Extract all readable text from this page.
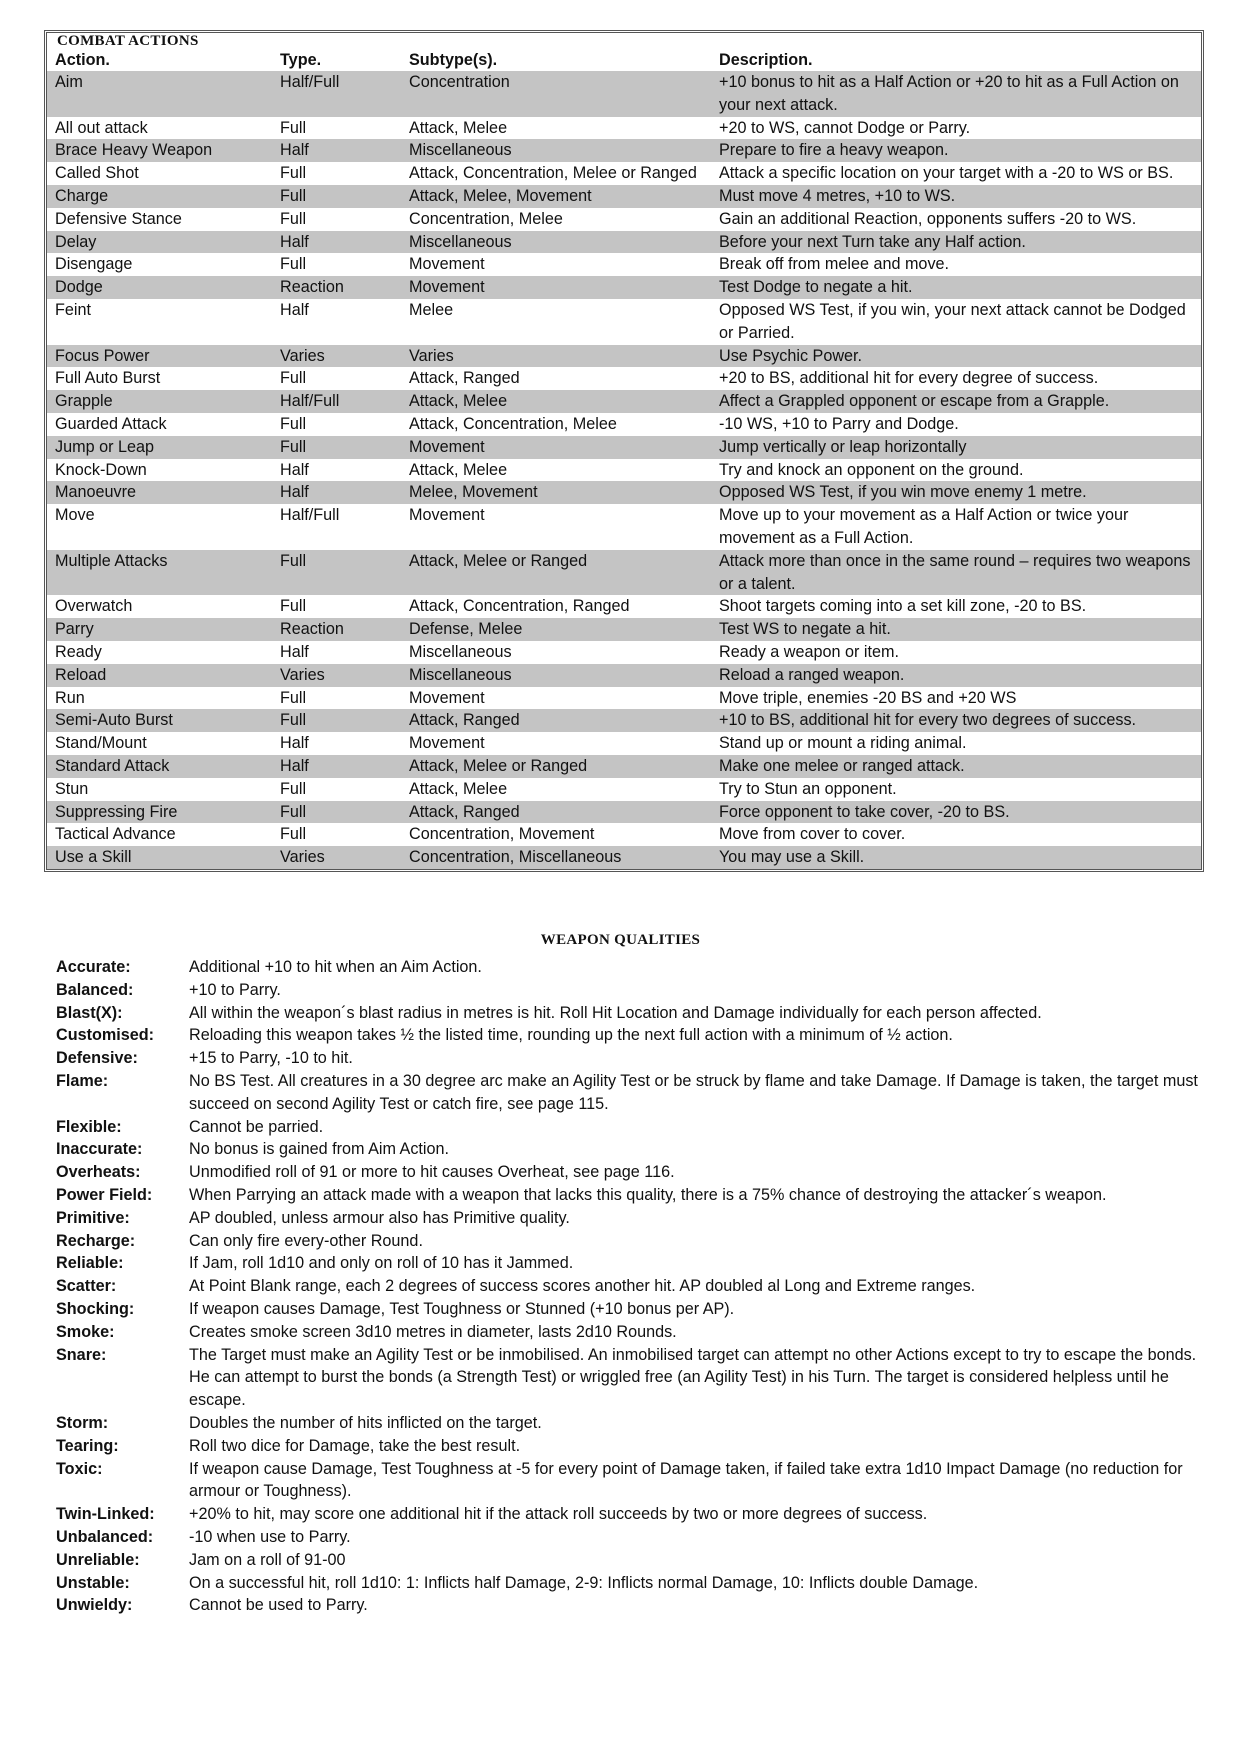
COMBAT ACTIONS
Action.	Type.	Subtype(s).	Description.
Aim	Half/Full	Concentration	+10 bonus to hit as a Half Action or +20 to hit as a Full Action on your next attack.
All out attack	Full	Attack, Melee	+20 to WS, cannot Dodge or Parry.
Brace Heavy Weapon	Half	Miscellaneous	Prepare to fire a heavy weapon.
Called Shot	Full	Attack, Concentration, Melee or Ranged	Attack a specific location on your target with a -20 to WS or BS.
Charge	Full	Attack, Melee, Movement	Must move 4 metres, +10 to WS.
Defensive Stance	Full	Concentration, Melee	Gain an additional Reaction, opponents suffers -20 to WS.
Delay	Half	Miscellaneous	Before your next Turn take any Half action.
Disengage	Full	Movement	Break off from melee and move.
Dodge	Reaction	Movement	Test Dodge to negate a hit.
Feint	Half	Melee	Opposed WS Test, if you win, your next attack cannot be Dodged or Parried.
Focus Power	Varies	Varies	Use Psychic Power.
Full Auto Burst	Full	Attack, Ranged	+20 to BS, additional hit for every degree of success.
Grapple	Half/Full	Attack, Melee	Affect a Grappled opponent or escape from a Grapple.
Guarded Attack	Full	Attack, Concentration, Melee	-10 WS, +10 to Parry and Dodge.
Jump or Leap	Full	Movement	Jump vertically or leap horizontally
Knock-Down	Half	Attack, Melee	Try and knock an opponent on the ground.
Manoeuvre	Half	Melee, Movement	Opposed WS Test, if you win move enemy 1 metre.
Move	Half/Full	Movement	Move up to your movement as a Half Action or twice your movement as a Full Action.
Multiple Attacks	Full	Attack, Melee or Ranged	Attack more than once in the same round – requires two weapons or a talent.
Overwatch	Full	Attack, Concentration, Ranged	Shoot targets coming into a set kill zone, -20 to BS.
Parry	Reaction	Defense, Melee	Test WS to negate a hit.
Ready	Half	Miscellaneous	Ready a weapon or item.
Reload	Varies	Miscellaneous	Reload a ranged weapon.
Run	Full	Movement	Move triple, enemies -20 BS and +20 WS
Semi-Auto Burst	Full	Attack, Ranged	+10 to BS, additional hit for every two degrees of success.
Stand/Mount	Half	Movement	Stand up or mount a riding animal.
Standard Attack	Half	Attack, Melee or Ranged	Make one melee or ranged attack.
Stun	Full	Attack, Melee	Try to Stun an opponent.
Suppressing Fire	Full	Attack, Ranged	Force opponent to take cover, -20 to BS.
Tactical Advance	Full	Concentration, Movement	Move from cover to cover.
Use a Skill	Varies	Concentration, Miscellaneous	You may use a Skill.
WEAPON QUALITIES
Accurate:	Additional +10 to hit when an Aim Action.
Balanced:	+10 to Parry.
Blast(X):	All within the weapon´s blast radius in metres is hit. Roll Hit Location and Damage individually for each person affected.
Customised:	Reloading this weapon takes ½ the listed time, rounding up the next full action with a minimum of ½ action.
Defensive:	+15 to Parry, -10 to hit.
Flame:	No BS Test. All creatures in a 30 degree arc make an Agility Test or be struck by flame and take Damage. If Damage is taken, the target must succeed on second Agility Test or catch fire, see page 115.
Flexible:	Cannot be parried.
Inaccurate:	No bonus is gained from Aim Action.
Overheats:	Unmodified roll of 91 or more to hit causes Overheat, see page 116.
Power Field:	When Parrying an attack made with a weapon that lacks this quality, there is a 75% chance of destroying the attacker´s weapon.
Primitive:	AP doubled, unless armour also has Primitive quality.
Recharge:	Can only fire every-other Round.
Reliable:	If Jam, roll 1d10 and only on roll of 10 has it Jammed.
Scatter:	At Point Blank range, each 2 degrees of success scores another hit. AP doubled al Long and Extreme ranges.
Shocking:	If weapon causes Damage, Test Toughness or Stunned (+10 bonus per AP).
Smoke:	Creates smoke screen 3d10 metres in diameter, lasts 2d10 Rounds.
Snare:	The Target must make an Agility Test or be inmobilised. An inmobilised target can attempt no other Actions except to try to escape the bonds. He can attempt to burst the bonds (a Strength Test) or wriggled free (an Agility Test) in his Turn. The target is considered helpless until he escape.
Storm:	Doubles the number of hits inflicted on the target.
Tearing:	Roll two dice for Damage, take the best result.
Toxic:	If weapon cause Damage, Test Toughness at -5 for every point of Damage taken, if failed take extra 1d10 Impact Damage (no reduction for armour or Toughness).
Twin-Linked:	+20% to hit, may score one additional hit if the attack roll succeeds by two or more degrees of success.
Unbalanced:	-10 when use to Parry.
Unreliable:	Jam on a roll of 91-00
Unstable:	On a successful hit, roll 1d10: 1: Inflicts half Damage, 2-9: Inflicts normal Damage, 10: Inflicts double Damage.
Unwieldy:	Cannot be used to Parry.
